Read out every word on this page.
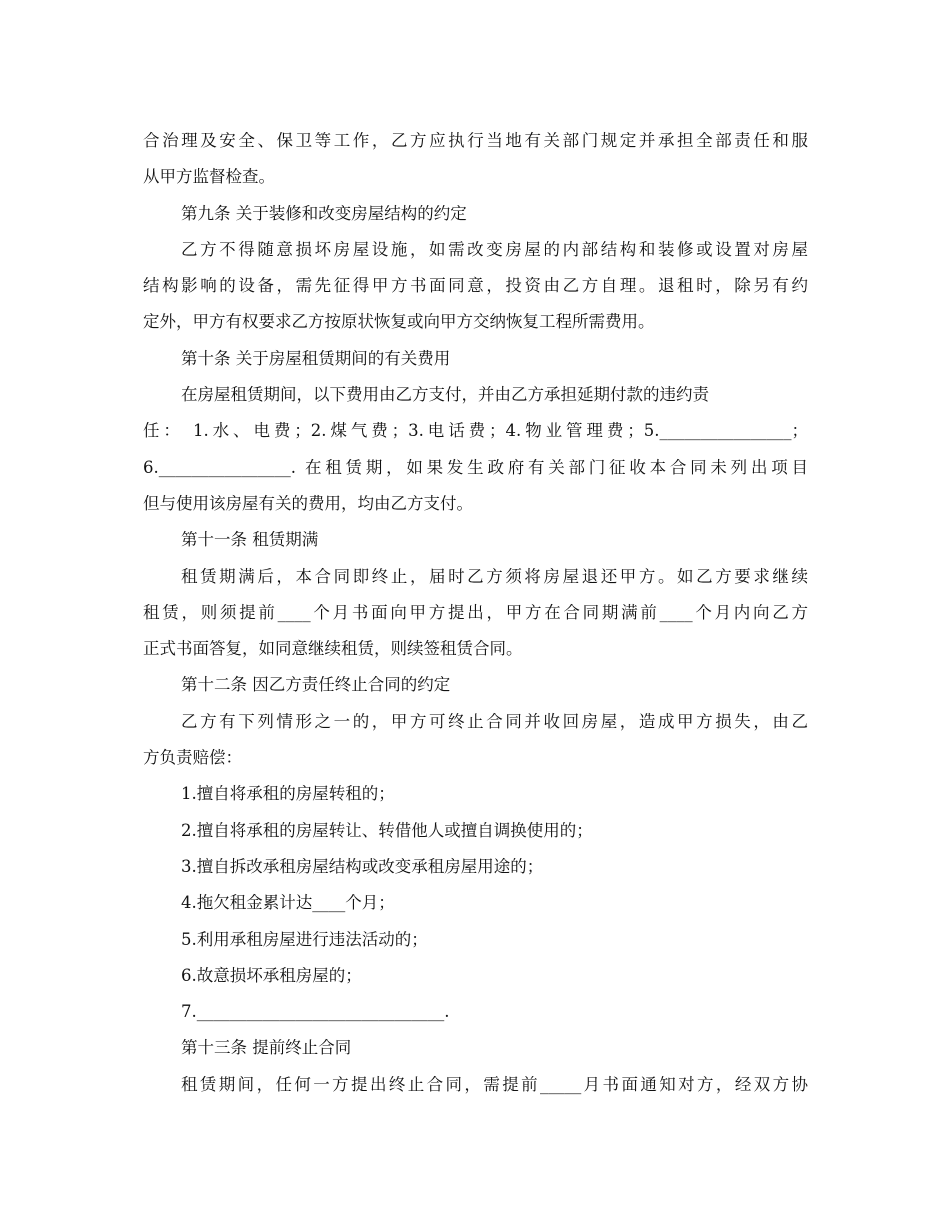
合治理及安全、保卫等工作，乙方应执行当地有关部门规定并承担全部责任和服

从甲方监督检查。

第九条 关于装修和改变房屋结构的约定

乙方不得随意损坏房屋设施，如需改变房屋的内部结构和装修或设置对房屋

结构影响的设备，需先征得甲方书面同意，投资由乙方自理。退租时，除另有约

定外，甲方有权要求乙方按原状恢复或向甲方交纳恢复工程所需费用。

第十条 关于房屋租赁期间的有关费用

在房屋租赁期间，以下费用由乙方支付，并由乙方承担延期付款的违约责

任： 1.水、电费；2.煤气费；3.电话费；4.物业管理费；5.________________；

6.________________. 在租赁期，如果发生政府有关部门征收本合同未列出项目

但与使用该房屋有关的费用，均由乙方支付。

第十一条 租赁期满

租赁期满后，本合同即终止，届时乙方须将房屋退还甲方。如乙方要求继续

租赁，则须提前____个月书面向甲方提出，甲方在合同期满前____个月内向乙方

正式书面答复，如同意继续租赁，则续签租赁合同。

第十二条 因乙方责任终止合同的约定

乙方有下列情形之一的，甲方可终止合同并收回房屋，造成甲方损失，由乙

方负责赔偿：

1.擅自将承租的房屋转租的；

2.擅自将承租的房屋转让、转借他人或擅自调换使用的；

3.擅自拆改承租房屋结构或改变承租房屋用途的；

4.拖欠租金累计达____个月；

5.利用承租房屋进行违法活动的；

6.故意损坏承租房屋的；

7.______________________________.

第十三条 提前终止合同

租赁期间，任何一方提出终止合同，需提前_____月书面通知对方，经双方协
